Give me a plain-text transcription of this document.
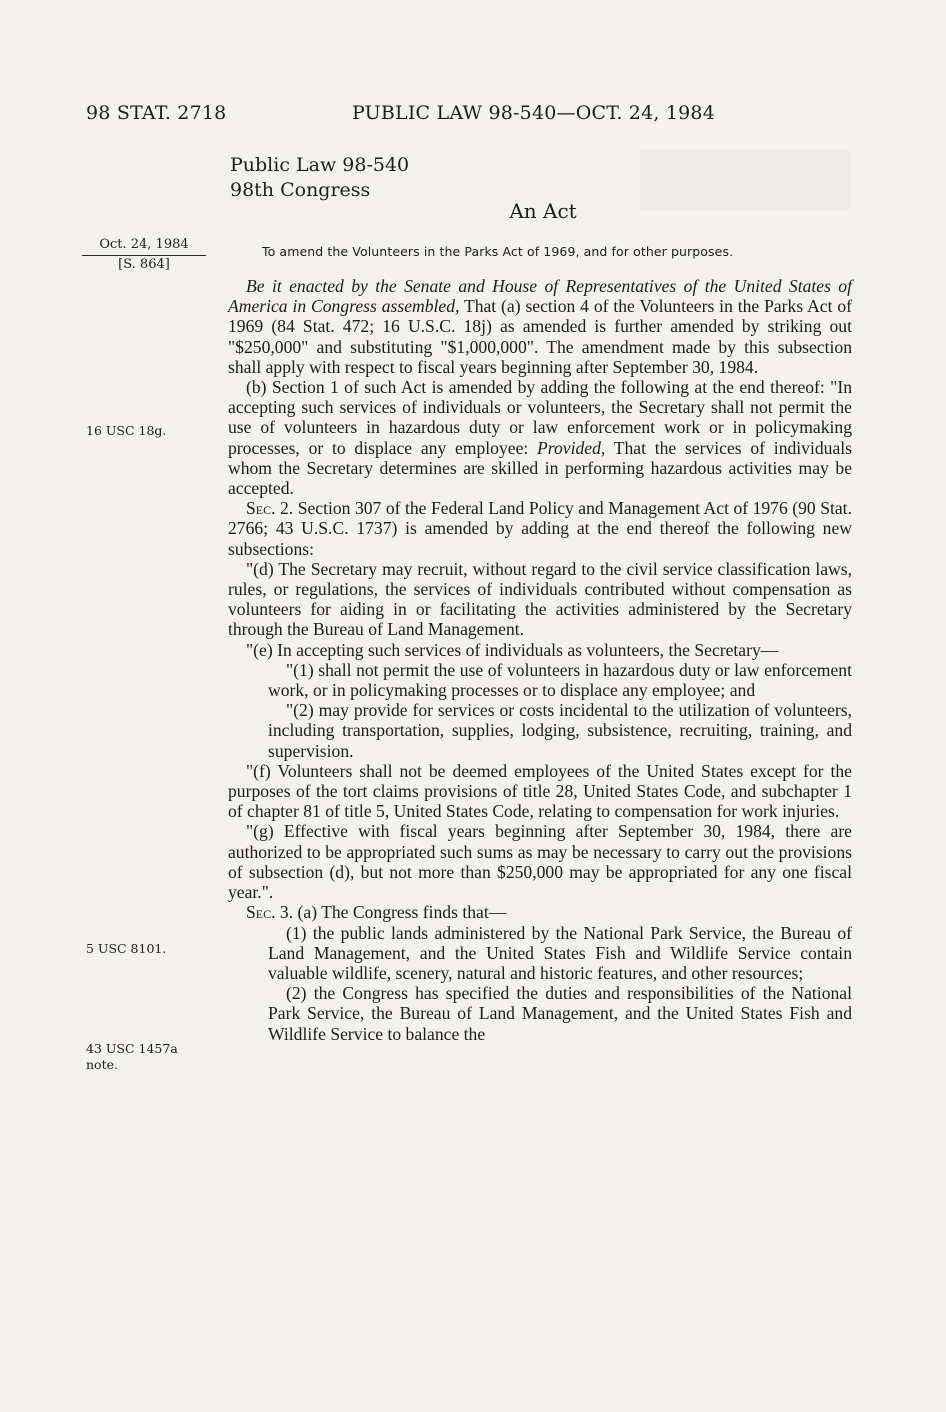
98 STAT. 2718	PUBLIC LAW 98-540—OCT. 24, 1984
Public Law 98-540
98th Congress
An Act
Oct. 24, 1984
[S. 864]
To amend the Volunteers in the Parks Act of 1969, and for other purposes.
16 USC 18g.
5 USC 8101.
43 USC 1457a
note.

Be it enacted by the Senate and House of Representatives of the United States of America in Congress assembled, That (a) section 4 of the Volunteers in the Parks Act of 1969 (84 Stat. 472; 16 U.S.C. 18j) as amended is further amended by striking out "$250,000" and substituting "$1,000,000". The amendment made by this subsection shall apply with respect to fiscal years beginning after September 30, 1984.

(b) Section 1 of such Act is amended by adding the following at the end thereof: "In accepting such services of individuals or volunteers, the Secretary shall not permit the use of volunteers in hazardous duty or law enforcement work or in policymaking processes, or to displace any employee: Provided, That the services of individuals whom the Secretary determines are skilled in performing hazardous activities may be accepted.

Sec. 2. Section 307 of the Federal Land Policy and Management Act of 1976 (90 Stat. 2766; 43 U.S.C. 1737) is amended by adding at the end thereof the following new subsections:

"(d) The Secretary may recruit, without regard to the civil service classification laws, rules, or regulations, the services of individuals contributed without compensation as volunteers for aiding in or facilitating the activities administered by the Secretary through the Bureau of Land Management.

"(e) In accepting such services of individuals as volunteers, the Secretary—

"(1) shall not permit the use of volunteers in hazardous duty or law enforcement work, or in policymaking processes or to displace any employee; and

"(2) may provide for services or costs incidental to the utilization of volunteers, including transportation, supplies, lodging, subsistence, recruiting, training, and supervision.

"(f) Volunteers shall not be deemed employees of the United States except for the purposes of the tort claims provisions of title 28, United States Code, and subchapter 1 of chapter 81 of title 5, United States Code, relating to compensation for work injuries.

"(g) Effective with fiscal years beginning after September 30, 1984, there are authorized to be appropriated such sums as may be necessary to carry out the provisions of subsection (d), but not more than $250,000 may be appropriated for any one fiscal year.".

Sec. 3. (a) The Congress finds that—

(1) the public lands administered by the National Park Service, the Bureau of Land Management, and the United States Fish and Wildlife Service contain valuable wildlife, scenery, natural and historic features, and other resources;

(2) the Congress has specified the duties and responsibilities of the National Park Service, the Bureau of Land Management, and the United States Fish and Wildlife Service to balance the
